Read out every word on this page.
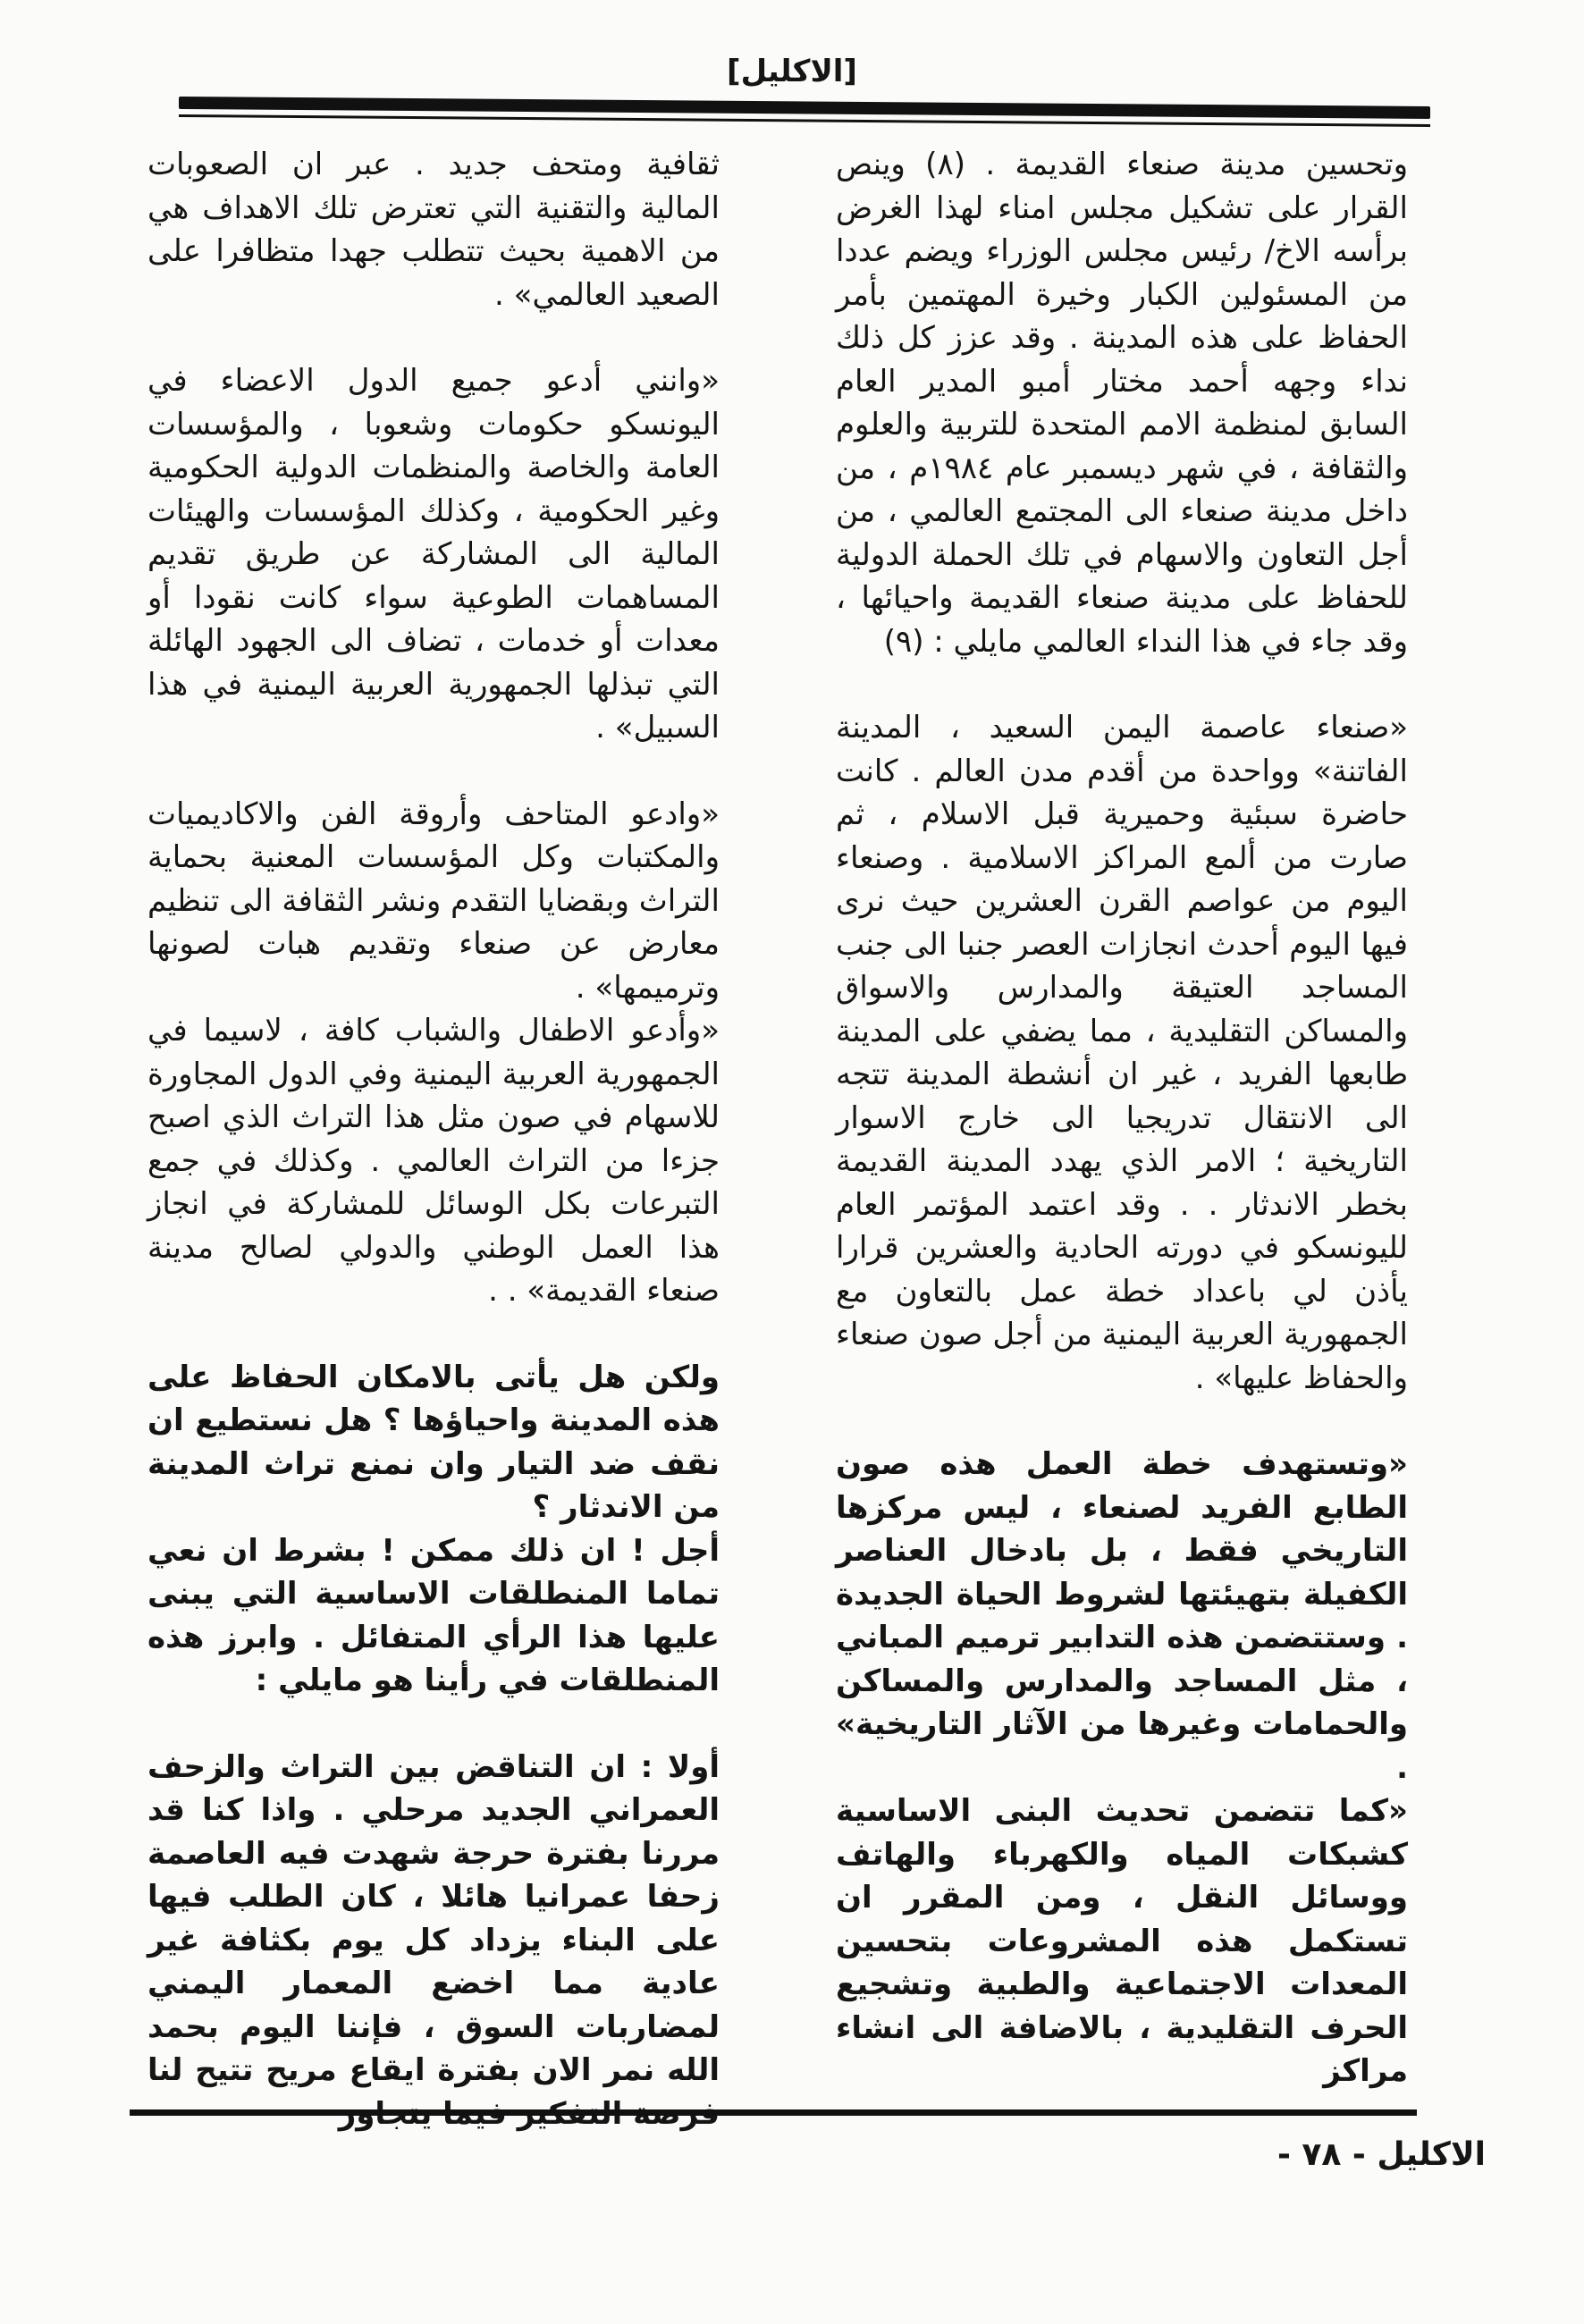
[الاكليل]

وتحسين مدينة صنعاء القديمة . (٨) وينص القرار على تشكيل مجلس امناء لهذا الغرض برأسه الاخ/ رئيس مجلس الوزراء ويضم عددا من المسئولين الكبار وخيرة المهتمين بأمر الحفاظ على هذه المدينة . وقد عزز كل ذلك نداء وجهه أحمد مختار أمبو المدير العام السابق لمنظمة الامم المتحدة للتربية والعلوم والثقافة ، في شهر ديسمبر عام ١٩٨٤م ، من داخل مدينة صنعاء الى المجتمع العالمي ، من أجل التعاون والاسهام في تلك الحملة الدولية للحفاظ على مدينة صنعاء القديمة واحيائها ، وقد جاء في هذا النداء العالمي مايلي : (٩)

«صنعاء عاصمة اليمن السعيد ، المدينة الفاتنة» وواحدة من أقدم مدن العالم . كانت حاضرة سبئية وحميرية قبل الاسلام ، ثم صارت من ألمع المراكز الاسلامية . وصنعاء اليوم من عواصم القرن العشرين حيث نرى فيها اليوم أحدث انجازات العصر جنبا الى جنب المساجد العتيقة والمدارس والاسواق والمساكن التقليدية ، مما يضفي على المدينة طابعها الفريد ، غير ان أنشطة المدينة تتجه الى الانتقال تدريجيا الى خارج الاسوار التاريخية ؛ الامر الذي يهدد المدينة القديمة بخطر الاندثار . . وقد اعتمد المؤتمر العام لليونسكو في دورته الحادية والعشرين قرارا يأذن لي باعداد خطة عمل بالتعاون مع الجمهورية العربية اليمنية من أجل صون صنعاء والحفاظ عليها» .

«وتستهدف خطة العمل هذه صون الطابع الفريد لصنعاء ، ليس مركزها التاريخي فقط ، بل بادخال العناصر الكفيلة بتهيئتها لشروط الحياة الجديدة . وستتضمن هذه التدابير ترميم المباني ، مثل المساجد والمدارس والمساكن والحمامات وغيرها من الآثار التاريخية» .

«كما تتضمن تحديث البنى الاساسية كشبكات المياه والكهرباء والهاتف ووسائل النقل ، ومن المقرر ان تستكمل هذه المشروعات بتحسين المعدات الاجتماعية والطبية وتشجيع الحرف التقليدية ، بالاضافة الى انشاء مراكز

ثقافية ومتحف جديد . عبر ان الصعوبات المالية والتقنية التي تعترض تلك الاهداف هي من الاهمية بحيث تتطلب جهدا متظافرا على الصعيد العالمي» .

«وانني أدعو جميع الدول الاعضاء في اليونسكو حكومات وشعوبا ، والمؤسسات العامة والخاصة والمنظمات الدولية الحكومية وغير الحكومية ، وكذلك المؤسسات والهيئات المالية الى المشاركة عن طريق تقديم المساهمات الطوعية سواء كانت نقودا أو معدات أو خدمات ، تضاف الى الجهود الهائلة التي تبذلها الجمهورية العربية اليمنية في هذا السبيل» .

«وادعو المتاحف وأروقة الفن والاكاديميات والمكتبات وكل المؤسسات المعنية بحماية التراث وبقضايا التقدم ونشر الثقافة الى تنظيم معارض عن صنعاء وتقديم هبات لصونها وترميمها» .

«وأدعو الاطفال والشباب كافة ، لاسيما في الجمهورية العربية اليمنية وفي الدول المجاورة للاسهام في صون مثل هذا التراث الذي اصبح جزءا من التراث العالمي . وكذلك في جمع التبرعات بكل الوسائل للمشاركة في انجاز هذا العمل الوطني والدولي لصالح مدينة صنعاء القديمة» . .

ولكن هل يأتى بالامكان الحفاظ على هذه المدينة واحياؤها ؟ هل نستطيع ان نقف ضد التيار وان نمنع تراث المدينة من الاندثار ؟

أجل ! ان ذلك ممكن ! بشرط ان نعي تماما المنطلقات الاساسية التي يبنى عليها هذا الرأي المتفائل . وابرز هذه المنطلقات في رأينا هو مايلي :

أولا : ان التناقض بين التراث والزحف العمراني الجديد مرحلي . واذا كنا قد مررنا بفترة حرجة شهدت فيه العاصمة زحفا عمرانيا هائلا ، كان الطلب فيها على البناء يزداد كل يوم بكثافة غير عادية مما اخضع المعمار اليمني لمضاربات السوق ، فإننا اليوم بحمد الله نمر الان بفترة ايقاع مريح تتيح لنا

الاكليل - ٧٨ -
